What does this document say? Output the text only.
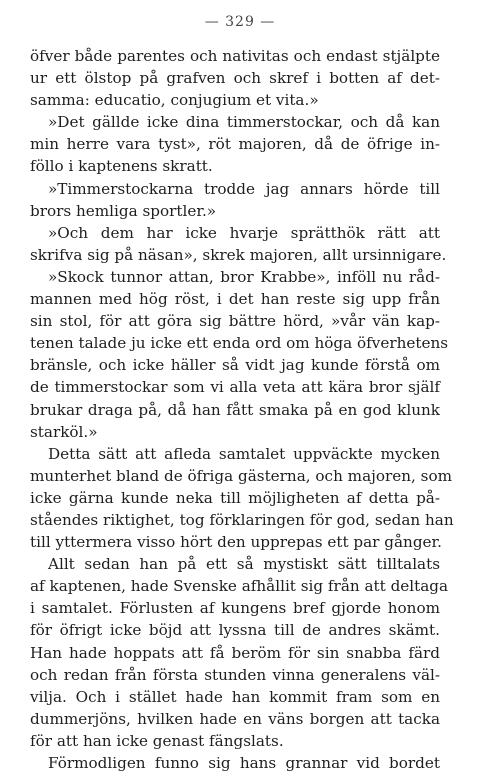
— 329 —
öfver både parentes och nativitas och endast stjälpte
ur ett ölstop på grafven och skref i botten af det-
samma: educatio, conjugium et vita.»
»Det gällde icke dina timmerstockar, och då kan
min herre vara tyst», röt majoren, då de öfrige in-
föllo i kaptenens skratt.
»Timmerstockarna trodde jag annars hörde till
brors hemliga sportler.»
»Och dem har icke hvarje sprätthök rätt att
skrifva sig på näsan», skrek majoren, allt ursinnigare.
»Skock tunnor attan, bror Krabbe», inföll nu råd-
mannen med hög röst, i det han reste sig upp från
sin stol, för att göra sig bättre hörd, »vår vän kap-
tenen talade ju icke ett enda ord om höga öfverhetens
bränsle, och icke häller så vidt jag kunde förstå om
de timmerstockar som vi alla veta att kära bror själf
brukar draga på, då han fått smaka på en god klunk
starköl.»
Detta sätt att afleda samtalet uppväckte mycken
munterhet bland de öfriga gästerna, och majoren, som
icke gärna kunde neka till möjligheten af detta på-
ståendes riktighet, tog förklaringen för god, sedan han
till yttermera visso hört den upprepas ett par gånger.
Allt sedan han på ett så mystiskt sätt tilltalats
af kaptenen, hade Svenske afhållit sig från att deltaga
i samtalet. Förlusten af kungens bref gjorde honom
för öfrigt icke böjd att lyssna till de andres skämt.
Han hade hoppats att få beröm för sin snabba färd
och redan från första stunden vinna generalens väl-
vilja. Och i stället hade han kommit fram som en
dummerjöns, hvilken hade en väns borgen att tacka
för att han icke genast fängslats.
Förmodligen funno sig hans grannar vid bordet
